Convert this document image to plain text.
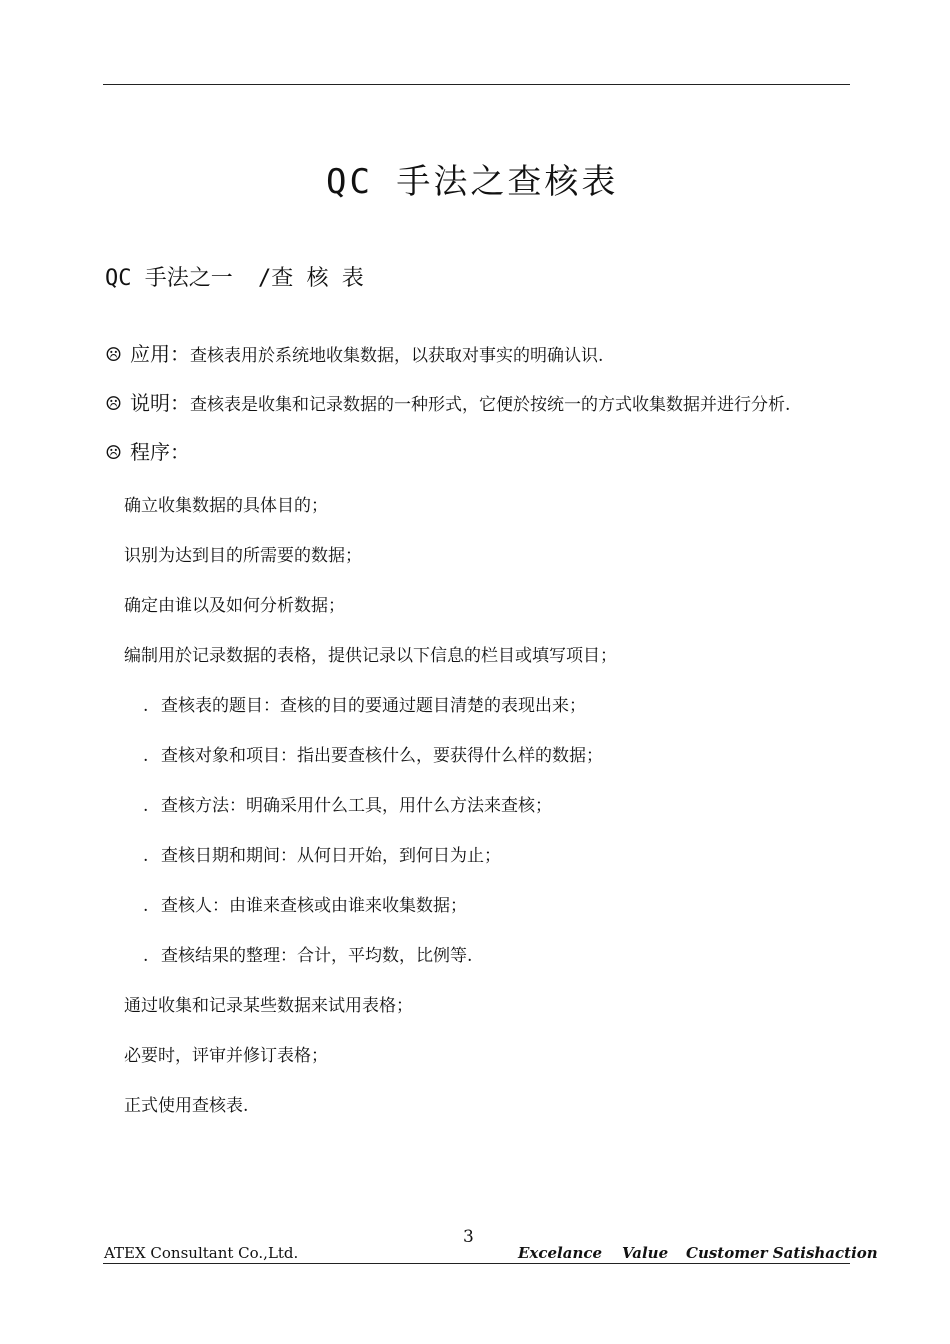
QC 手法之查核表
QC 手法之一 /查 核 表
☹ 应用：查核表用於系统地收集数据，以获取对事实的明确认识.
☹ 说明：查核表是收集和记录数据的一种形式，它便於按统一的方式收集数据并进行分析.
☹ 程序：
确立收集数据的具体目的；
识别为达到目的所需要的数据；
确定由谁以及如何分析数据；
编制用於记录数据的表格，提供记录以下信息的栏目或填写项目；
. 查核表的题目：查核的目的要通过题目清楚的表现出来；
. 查核对象和项目：指出要查核什么，要获得什么样的数据；
. 查核方法：明确采用什么工具，用什么方法来查核；
. 查核日期和期间：从何日开始，到何日为止；
. 查核人：由谁来查核或由谁来收集数据；
. 查核结果的整理：合计，平均数，比例等.
通过收集和记录某些数据来试用表格；
必要时，评审并修订表格；
正式使用查核表.
3
ATEX Consultant Co.,Ltd.	Excelance Value Customer Satishaction
